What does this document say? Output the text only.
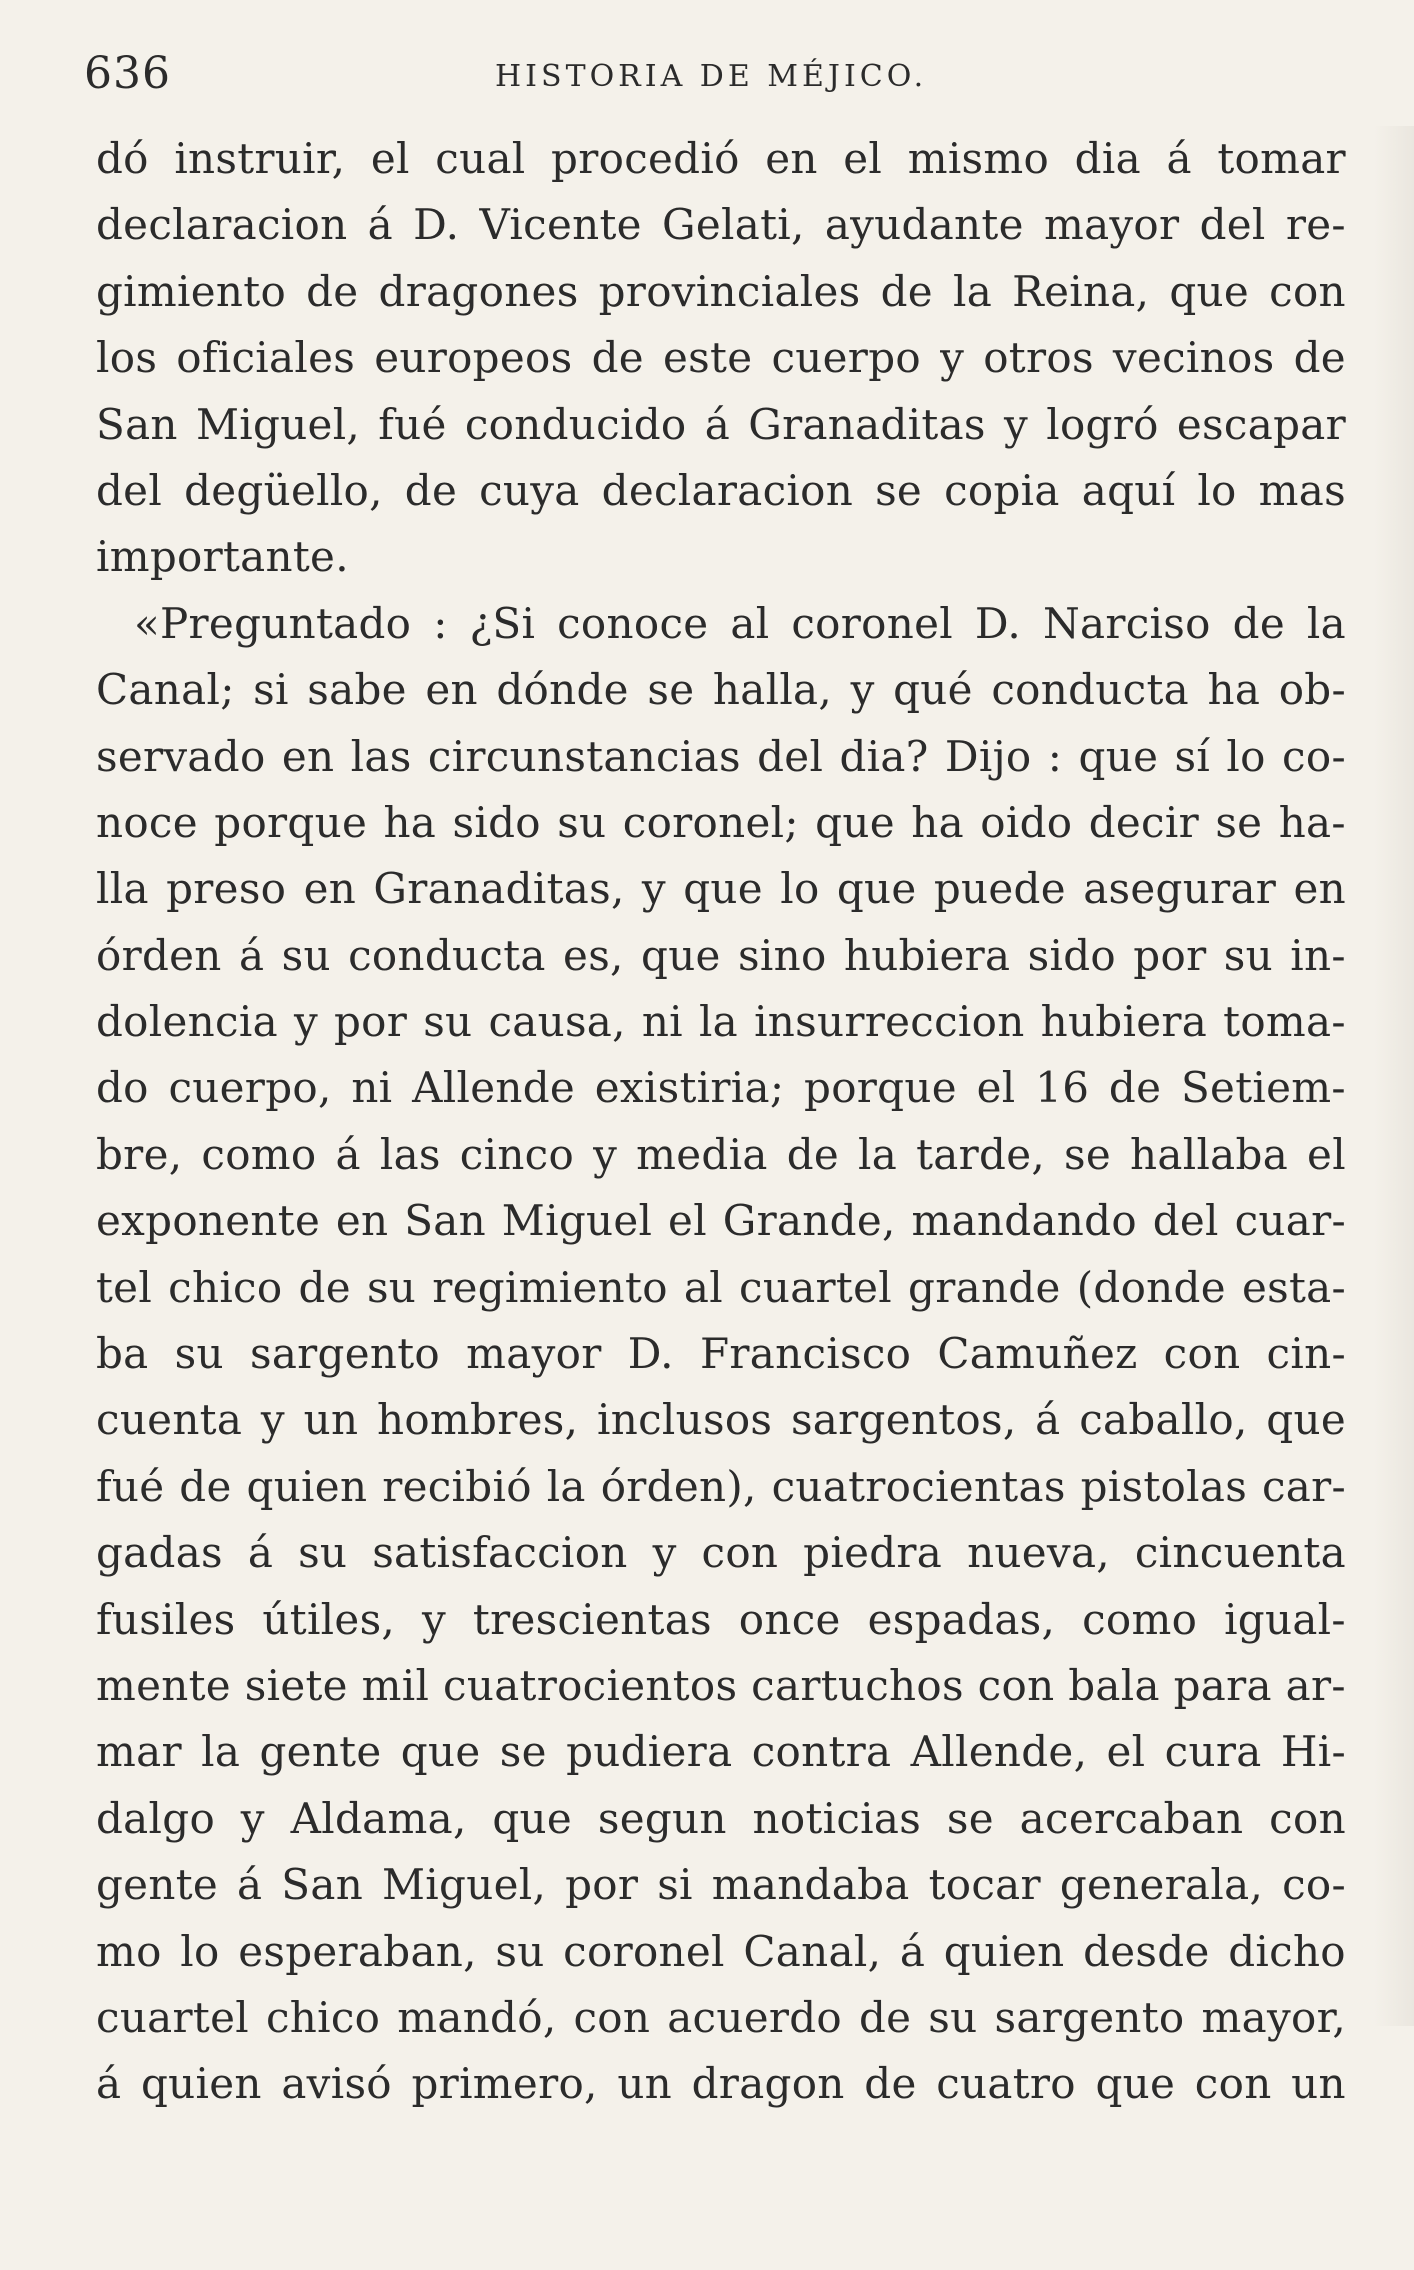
636	HISTORIA DE MÉJICO.
dó instruir, el cual procedió en el mismo dia á tomar
declaracion á D. Vicente Gelati, ayudante mayor del re-
gimiento de dragones provinciales de la Reina, que con
los oficiales europeos de este cuerpo y otros vecinos de
San Miguel, fué conducido á Granaditas y logró escapar
del degüello, de cuya declaracion se copia aquí lo mas
importante.
«Preguntado : ¿Si conoce al coronel D. Narciso de la
Canal; si sabe en dónde se halla, y qué conducta ha ob-
servado en las circunstancias del dia? Dijo : que sí lo co-
noce porque ha sido su coronel; que ha oido decir se ha-
lla preso en Granaditas, y que lo que puede asegurar en
órden á su conducta es, que sino hubiera sido por su in-
dolencia y por su causa, ni la insurreccion hubiera toma-
do cuerpo, ni Allende existiria; porque el 16 de Setiem-
bre, como á las cinco y media de la tarde, se hallaba el
exponente en San Miguel el Grande, mandando del cuar-
tel chico de su regimiento al cuartel grande (donde esta-
ba su sargento mayor D. Francisco Camuñez con cin-
cuenta y un hombres, inclusos sargentos, á caballo, que
fué de quien recibió la órden), cuatrocientas pistolas car-
gadas á su satisfaccion y con piedra nueva, cincuenta
fusiles útiles, y trescientas once espadas, como igual-
mente siete mil cuatrocientos cartuchos con bala para ar-
mar la gente que se pudiera contra Allende, el cura Hi-
dalgo y Aldama, que segun noticias se acercaban con
gente á San Miguel, por si mandaba tocar generala, co-
mo lo esperaban, su coronel Canal, á quien desde dicho
cuartel chico mandó, con acuerdo de su sargento mayor,
á quien avisó primero, un dragon de cuatro que con un
